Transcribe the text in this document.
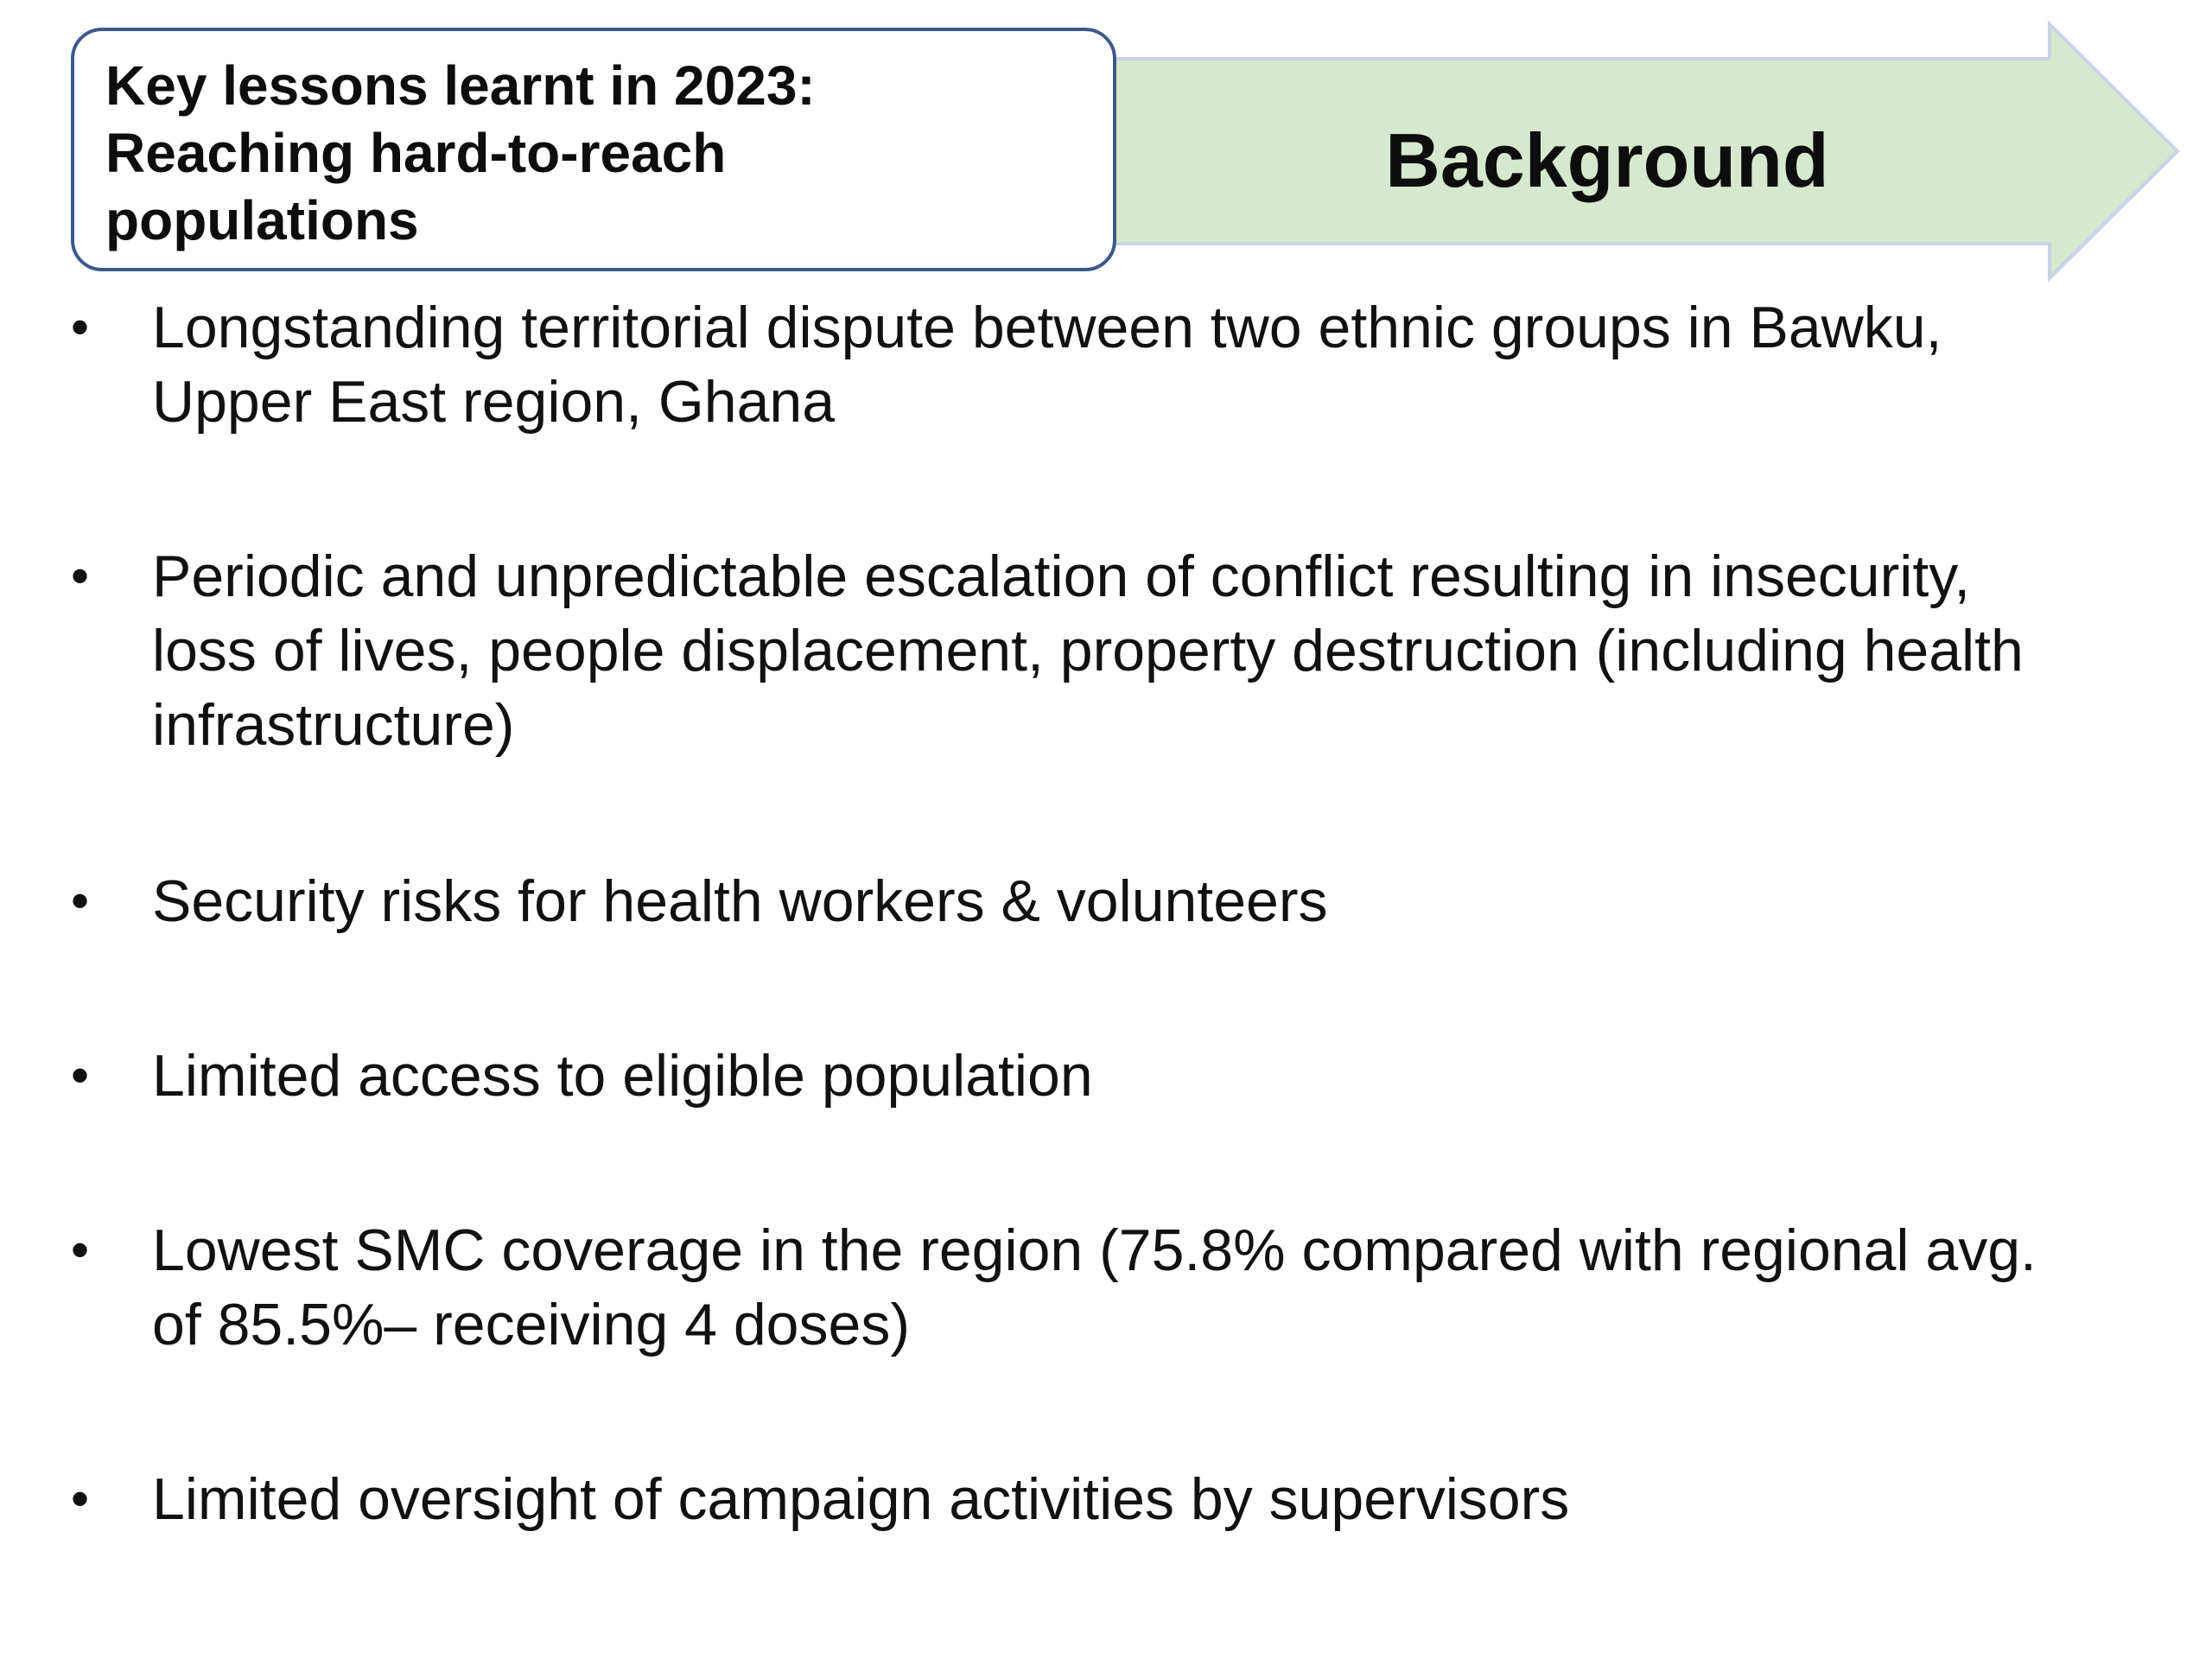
Key lessons learnt in 2023:
Reaching hard-to-reach
populations

Background
• Longstanding territorial dispute between two ethnic groups in Bawku,
Upper East region, Ghana

• Periodic and unpredictable escalation of conflict resulting in insecurity,
loss of lives, people displacement, property destruction (including health
infrastructure)

• Security risks for health workers & volunteers

• Limited access to eligible population

• Lowest SMC coverage in the region (75.8% compared with regional avg.
of 85.5%– receiving 4 doses)

• Limited oversight of campaign activities by supervisors
